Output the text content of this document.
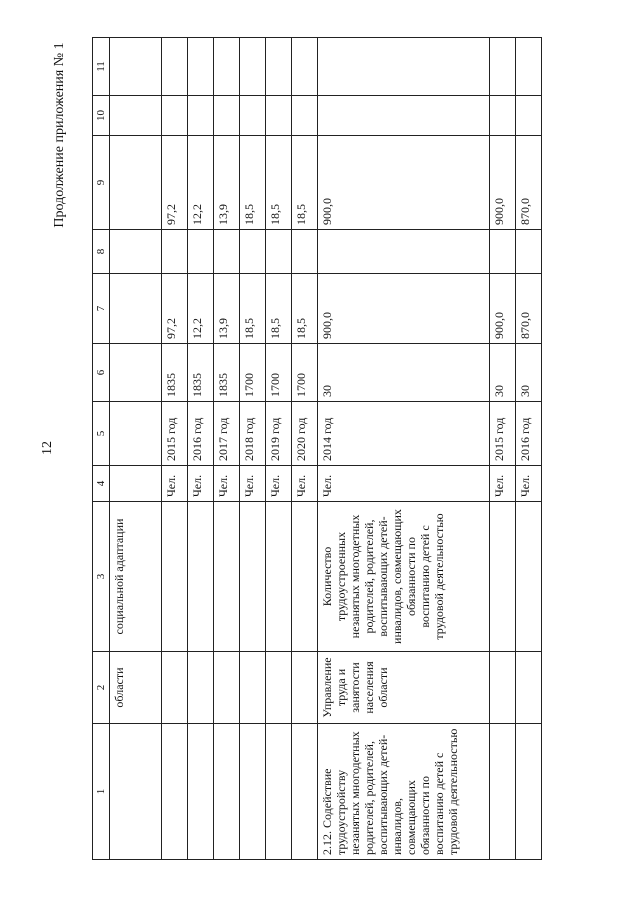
12
Продолжение приложения № 1
1	2	3	4	5	6	7	8	9	10	11
	области	социальной адаптации								
			Чел.	2015 год	1835	97,2		97,2		
			Чел.	2016 год	1835	12,2		12,2		
			Чел.	2017 год	1835	13,9		13,9		
			Чел.	2018 год	1700	18,5		18,5		
			Чел.	2019 год	1700	18,5		18,5		
			Чел.	2020 год	1700	18,5		18,5		
2.12. Содействие трудоустройству незанятых многодетных родителей, родителей, воспитывающих детей-инвалидов, совмещающих обязанности по воспитанию детей с трудовой деятельностью	Управление труда и занятости населения области	Количество трудоустроенных незанятых многодетных родителей, родителей, воспитывающих детей-инвалидов, совмещающих обязанности по воспитанию детей с трудовой деятельностью	Чел.	2014 год	30	900,0		900,0		
			Чел.	2015 год	30	900,0		900,0		
			Чел.	2016 год	30	870,0		870,0		
